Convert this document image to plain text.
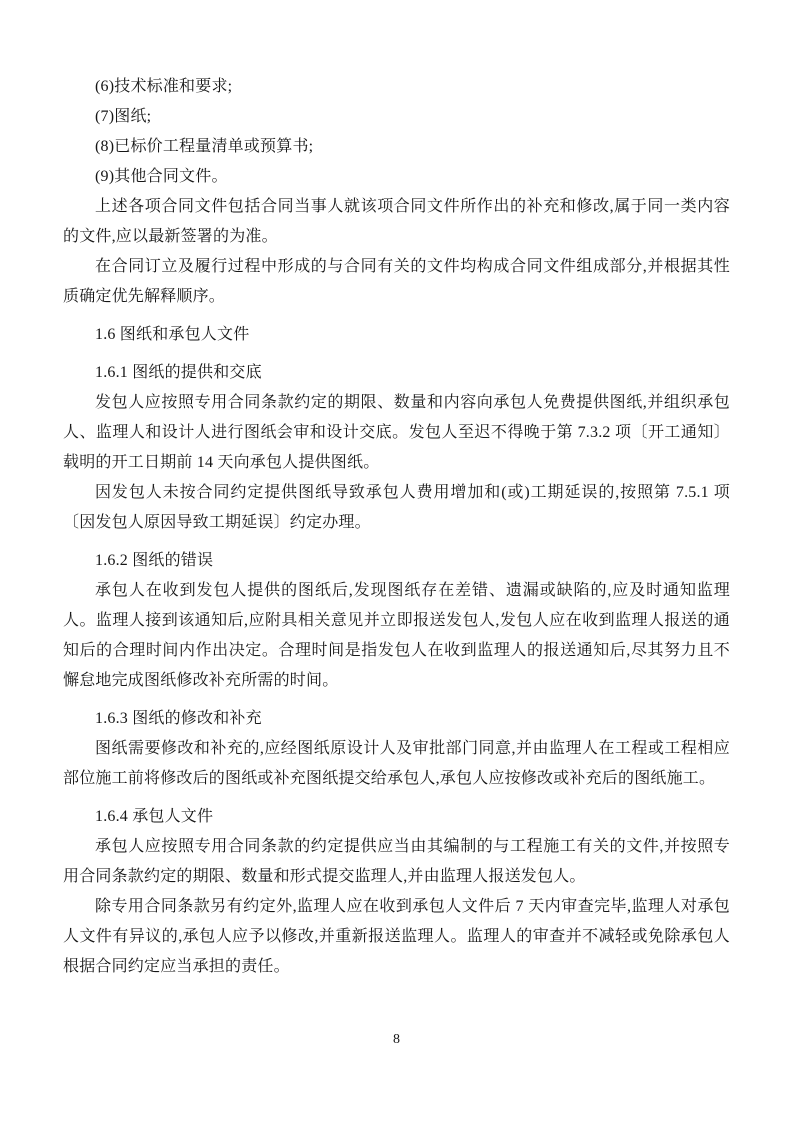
(6)技术标准和要求;

(7)图纸;

(8)已标价工程量清单或预算书;

(9)其他合同文件。

上述各项合同文件包括合同当事人就该项合同文件所作出的补充和修改,属于同一类内容的文件,应以最新签署的为准。

在合同订立及履行过程中形成的与合同有关的文件均构成合同文件组成部分,并根据其性质确定优先解释顺序。

1.6 图纸和承包人文件

1.6.1 图纸的提供和交底

发包人应按照专用合同条款约定的期限、数量和内容向承包人免费提供图纸,并组织承包人、监理人和设计人进行图纸会审和设计交底。发包人至迟不得晚于第 7.3.2 项〔开工通知〕载明的开工日期前 14 天向承包人提供图纸。

因发包人未按合同约定提供图纸导致承包人费用增加和(或)工期延误的,按照第 7.5.1 项〔因发包人原因导致工期延误〕约定办理。

1.6.2 图纸的错误

承包人在收到发包人提供的图纸后,发现图纸存在差错、遗漏或缺陷的,应及时通知监理人。监理人接到该通知后,应附具相关意见并立即报送发包人,发包人应在收到监理人报送的通知后的合理时间内作出决定。合理时间是指发包人在收到监理人的报送通知后,尽其努力且不懈怠地完成图纸修改补充所需的时间。

1.6.3 图纸的修改和补充

图纸需要修改和补充的,应经图纸原设计人及审批部门同意,并由监理人在工程或工程相应部位施工前将修改后的图纸或补充图纸提交给承包人,承包人应按修改或补充后的图纸施工。

1.6.4 承包人文件

承包人应按照专用合同条款的约定提供应当由其编制的与工程施工有关的文件,并按照专用合同条款约定的期限、数量和形式提交监理人,并由监理人报送发包人。

除专用合同条款另有约定外,监理人应在收到承包人文件后 7 天内审查完毕,监理人对承包人文件有异议的,承包人应予以修改,并重新报送监理人。监理人的审查并不减轻或免除承包人根据合同约定应当承担的责任。

8
